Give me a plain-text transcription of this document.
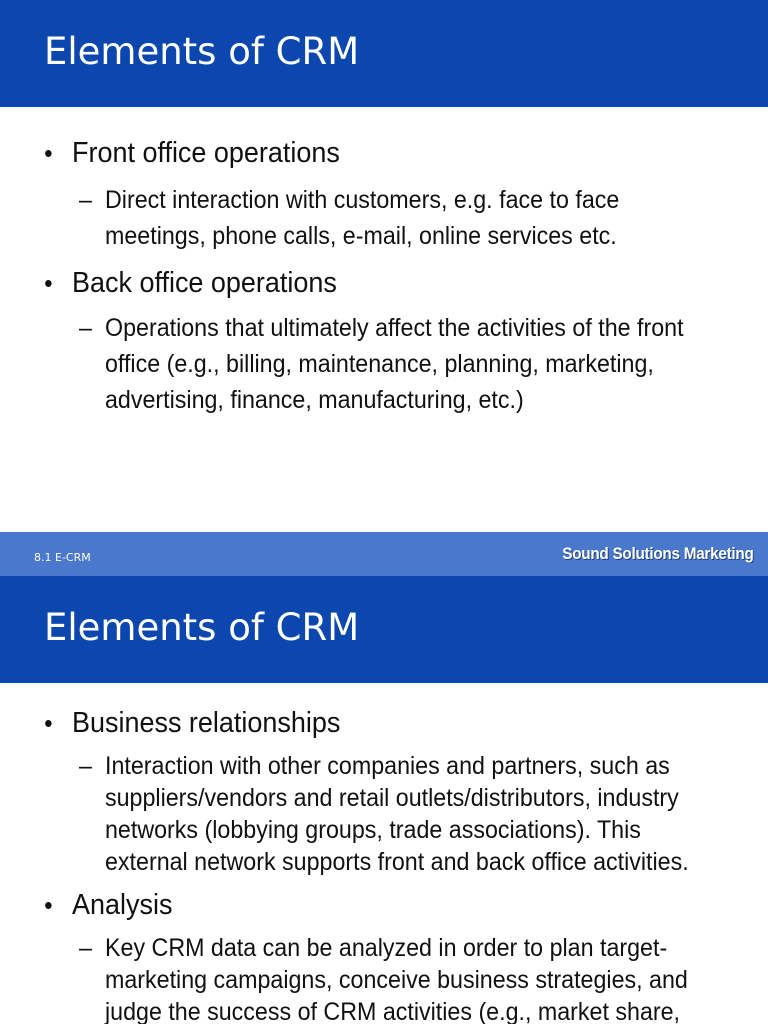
Elements of CRM
• Front office operations
– Direct interaction with customers, e.g. face to face
meetings, phone calls, e-mail, online services etc.
• Back office operations
– Operations that ultimately affect the activities of the front
office (e.g., billing, maintenance, planning, marketing,
advertising, finance, manufacturing, etc.)
8.1 E-CRM	Sound Solutions Marketing
Elements of CRM
• Business relationships
– Interaction with other companies and partners, such as
suppliers/vendors and retail outlets/distributors, industry
networks (lobbying groups, trade associations). This
external network supports front and back office activities.
• Analysis
– Key CRM data can be analyzed in order to plan target-
marketing campaigns, conceive business strategies, and
judge the success of CRM activities (e.g., market share,
